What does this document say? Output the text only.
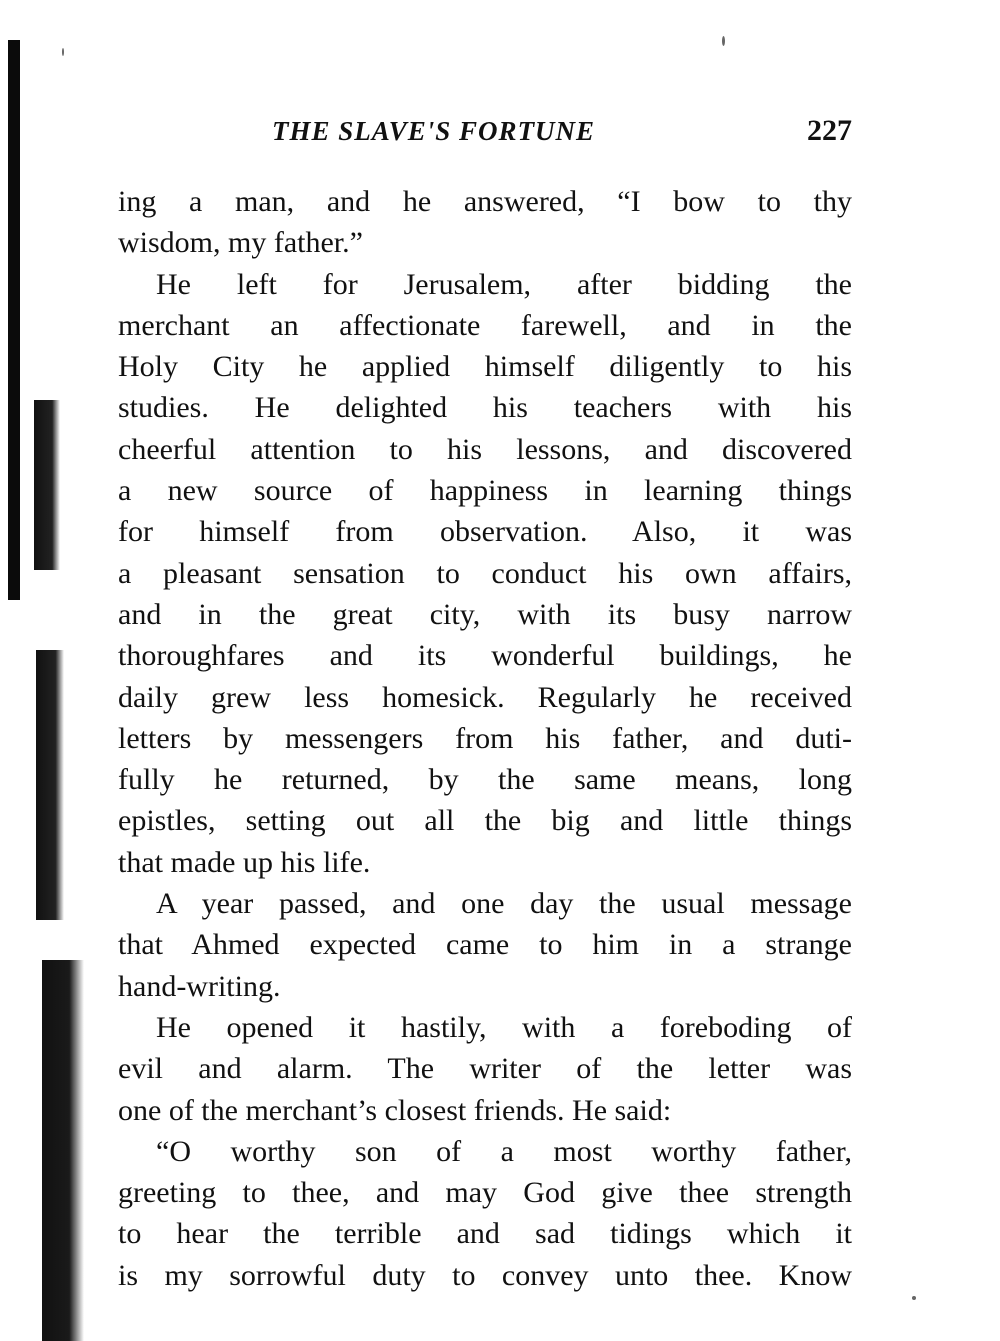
THE SLAVE'S FORTUNE	227
ing a man, and he answered, “I bow to thy
wisdom, my father.”
He left for Jerusalem, after bidding the
merchant an affectionate farewell, and in the
Holy City he applied himself diligently to his
studies. He delighted his teachers with his
cheerful attention to his lessons, and discovered
a new source of happiness in learning things
for himself from observation. Also, it was
a pleasant sensation to conduct his own affairs,
and in the great city, with its busy narrow
thoroughfares and its wonderful buildings, he
daily grew less homesick. Regularly he received
letters by messengers from his father, and duti-
fully he returned, by the same means, long
epistles, setting out all the big and little things
that made up his life.
A year passed, and one day the usual message
that Ahmed expected came to him in a strange
hand-writing.
He opened it hastily, with a foreboding of
evil and alarm. The writer of the letter was
one of the merchant’s closest friends. He said:
“O worthy son of a most worthy father,
greeting to thee, and may God give thee strength
to hear the terrible and sad tidings which it
is my sorrowful duty to convey unto thee. Know
